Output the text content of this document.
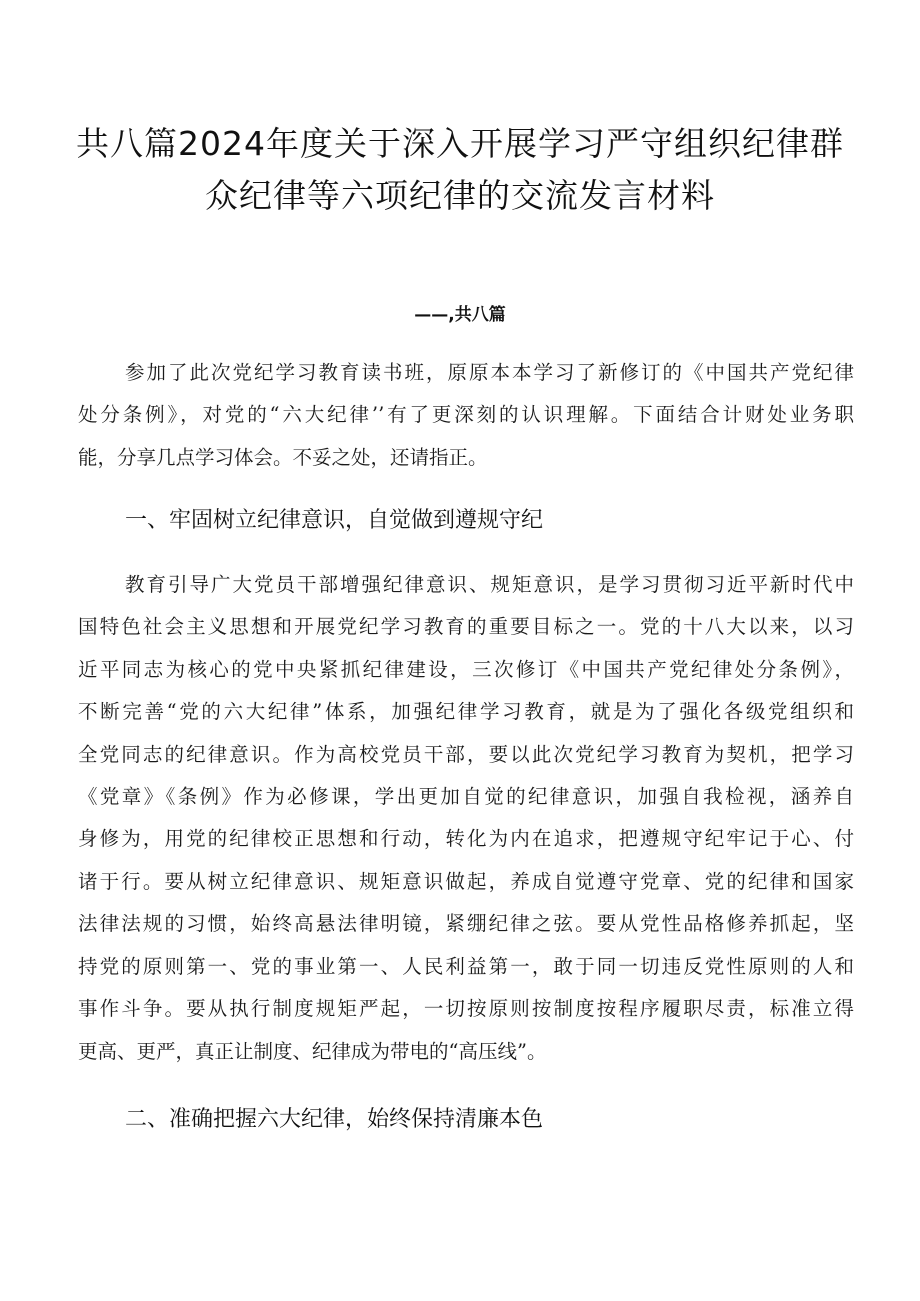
共八篇2024年度关于深入开展学习严守组织纪律群
众纪律等六项纪律的交流发言材料
——,共八篇
参加了此次党纪学习教育读书班，原原本本学习了新修订的《中国共产党纪律
处分条例》，对党的“六大纪律’’有了更深刻的认识理解。下面结合计财处业务职
能，分享几点学习体会。不妥之处，还请指正。
一、牢固树立纪律意识，自觉做到遵规守纪
教育引导广大党员干部增强纪律意识、规矩意识，是学习贯彻习近平新时代中
国特色社会主义思想和开展党纪学习教育的重要目标之一。党的十八大以来，以习
近平同志为核心的党中央紧抓纪律建设，三次修订《中国共产党纪律处分条例》，
不断完善“党的六大纪律”体系，加强纪律学习教育，就是为了强化各级党组织和
全党同志的纪律意识。作为高校党员干部，要以此次党纪学习教育为契机，把学习
《党章》《条例》作为必修课，学出更加自觉的纪律意识，加强自我检视，涵养自
身修为，用党的纪律校正思想和行动，转化为内在追求，把遵规守纪牢记于心、付
诸于行。要从树立纪律意识、规矩意识做起，养成自觉遵守党章、党的纪律和国家
法律法规的习惯，始终高悬法律明镜，紧绷纪律之弦。要从党性品格修养抓起，坚
持党的原则第一、党的事业第一、人民利益第一，敢于同一切违反党性原则的人和
事作斗争。要从执行制度规矩严起，一切按原则按制度按程序履职尽责，标准立得
更高、更严，真正让制度、纪律成为带电的“高压线”。
二、准确把握六大纪律，始终保持清廉本色
